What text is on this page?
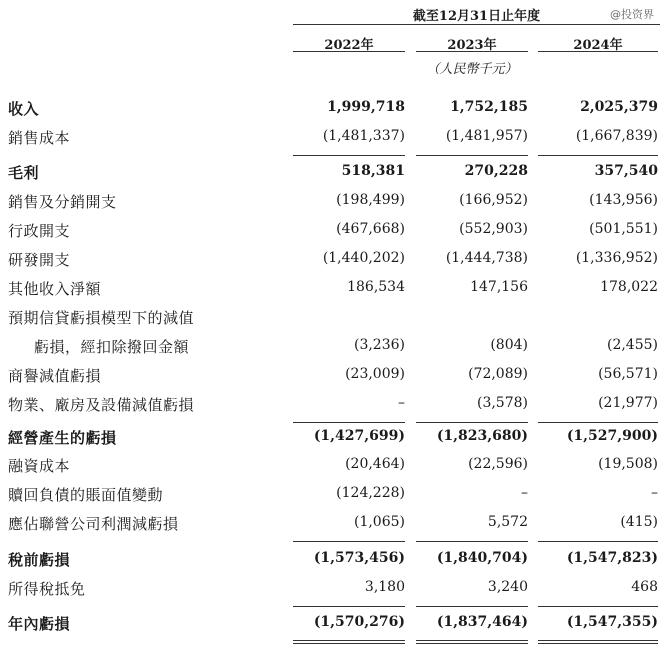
截至12月31日止年度	@投资界
2022年	2023年	2024年
（人民幣千元）
收入	1,999,718	1,752,185	2,025,379
銷售成本	(1,481,337)	(1,481,957)	(1,667,839)
毛利	518,381	270,228	357,540
銷售及分銷開支	(198,499)	(166,952)	(143,956)
行政開支	(467,668)	(552,903)	(501,551)
研發開支	(1,440,202)	(1,444,738)	(1,336,952)
其他收入淨額	186,534	147,156	178,022
預期信貸虧損模型下的減值
虧損，經扣除撥回金額	(3,236)	(804)	(2,455)
商譽減值虧損	(23,009)	(72,089)	(56,571)
物業、廠房及設備減值虧損	–	(3,578)	(21,977)
經營產生的虧損	(1,427,699)	(1,823,680)	(1,527,900)
融資成本	(20,464)	(22,596)	(19,508)
贖回負債的賬面值變動	(124,228)	–	–
應佔聯營公司利潤減虧損	(1,065)	5,572	(415)
稅前虧損	(1,573,456)	(1,840,704)	(1,547,823)
所得稅抵免	3,180	3,240	468
年內虧損	(1,570,276)	(1,837,464)	(1,547,355)
